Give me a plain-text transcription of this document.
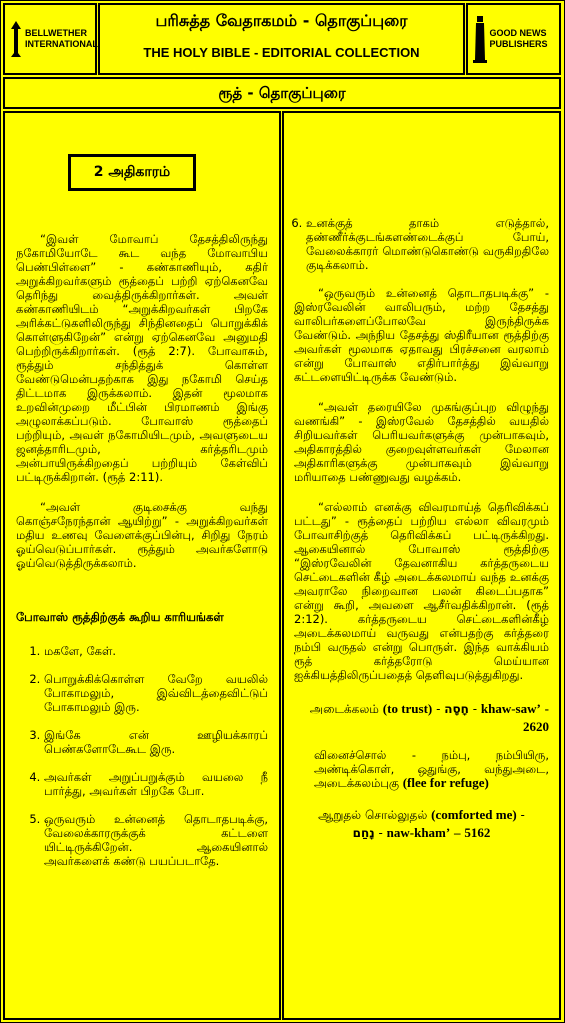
BELLWETHER INTERNATIONAL
பரிசுத்த வேதாகமம் - தொகுப்புரை
THE HOLY BIBLE - EDITORIAL COLLECTION
GOOD NEWS PUBLISHERS
ரூத் - தொகுப்புரை
2 அதிகாரம்

“இவள் மோவாப் தேசத்திலிருந்து நகோமியோடே கூட வந்த மோவாபிய பெண்பிள்ளை” - கண்காணியும், கதிர் அறுக்கிறவர்களும் ரூத்தைப் பற்றி ஏற்கெனவே தெரிந்து வைத்திருக்கிறார்கள். அவள் கண்காணியிடம் “அறுக்கிறவர்கள் பிறகே அரிக்கட்டுகளிலிருந்து சிந்தினதைப் பொறுக்கிக் கொள்ளுகிறேன்” என்று ஏற்கெனவே அனுமதி பெற்றிருக்கிறார்கள். (ரூத் 2:7). போவாசும், ரூத்தும் சந்தித்துக் கொள்ள வேண்டுமென்பதற்காக இது நகோமி செய்த திட்டமாக இருக்கலாம். இதன் மூலமாக உறவின்முறை மீட்பின் பிரமாணம் இங்கு அழுலாக்கப்படும். போவாஸ் ரூத்தைப் பற்றியும், அவள் நகோமியிடமும், அவளுடைய ஜனத்தாரிடமும், கர்த்தரிடமும் அன்பாயிருக்கிறதைப் பற்றியும் கேள்விப் பட்டிருக்கிறான். (ரூத் 2:11).

“அவள் குடிசைக்கு வந்து கொஞ்சநேரந்தான் ஆயிற்று” - அறுக்கிறவர்கள் மதிய உணவு வேளைக்குப்பின்பு, சிறிது நேரம் ஓய்வெடுப்பார்கள். ரூத்தும் அவர்களோடு ஓய்வெடுத்திருக்கலாம்.

போவாஸ் ரூத்திற்குக் கூறிய காரியங்கள்
1. மகளே, கேள்.
2. பொறுக்கிக்கொள்ள வேறே வயலில் போகாமலும், இவ்விடத்தைவிட்டுப் போகாமலும் இரு.
3. இங்கே என் ஊழியக்காரப் பெண்களோடேகூட இரு.
4. அவர்கள் அறுப்பறுக்கும் வயலை நீ பார்த்து, அவர்கள் பிறகே போ.
5. ஒருவரும் உன்னைத் தொடாதபடிக்கு, வேலைக்காரருக்குக் கட்டளை யிட்டிருக்கிறேன். ஆகையினால் அவர்களைக் கண்டு பயப்படாதே.
6. உனக்குத் தாகம் எடுத்தால், தண்ணீர்க்குடங்களண்டைக்குப் போய், வேலைக்காரர் மொண்டுகொண்டு வருகிறதிலே குடிக்கலாம்.

“ஒருவரும் உன்னைத் தொடாதபடிக்கு” - இஸ்ரவேலின் வாலிபரும், மற்ற தேசத்து வாலிபர்களைப்போலவே இருந்திருக்க வேண்டும். அந்நிய தேசத்து ஸ்திரீயான ரூத்திற்கு அவர்கள் மூலமாக ஏதாவது பிரச்சனை வரலாம் என்று போவாஸ் எதிர்பார்த்து இவ்வாறு கட்டளையிட்டிருக்க வேண்டும்.

“அவள் தரையிலே முகங்குப்புற விழுந்து வணங்கி” - இஸ்ரவேல் தேசத்தில் வயதில் சிறியவர்கள் பெரியவர்களுக்கு முன்பாகவும், அதிகாரத்தில் குறைவுள்ளவர்கள் மேலான அதிகாரிகளுக்கு முன்பாகவும் இவ்வாறு மரியாதை பண்ணுவது வழக்கம்.

“எல்லாம் எனக்கு விவரமாய்த் தெரிவிக்கப் பட்டது” - ரூத்தைப் பற்றிய எல்லா விவரமும் போவாசிற்குத் தெரிவிக்கப் பட்டிருக்கிறது. ஆகையினால் போவாஸ் ரூத்திற்கு “இஸ்ரவேலின் தேவனாகிய கர்த்தருடைய செட்டைகளின் கீழ் அடைக்கலமாய் வந்த உனக்கு அவராலே நிறைவான பலன் கிடைப்பதாக” என்று கூறி, அவளை ஆசீர்வதிக்கிறான். (ரூத் 2:12). கர்த்தருடைய செட்டைகளின்கீழ் அடைக்கலமாய் வருவது என்பதற்கு கர்த்தரை நம்பி வருதல் என்று பொருள். இந்த வாக்கியம் ரூத் கர்த்தரோடு மெய்யான ஐக்கியத்திலிருப்பதைத் தெளிவுபடுத்துகிறது.

அடைக்கலம் (to trust) - חָסָה - khaw-saw’ - 2620

வினைச்சொல் - நம்பு, நம்பியிரு, அண்டிக்கொள், ஒதுங்கு, வந்துஅடை, அடைக்கலம்புகு (flee for refuge)

ஆறுதல் சொல்லுதல் (comforted me) -
נָחַם - naw-kham’ – 5162
